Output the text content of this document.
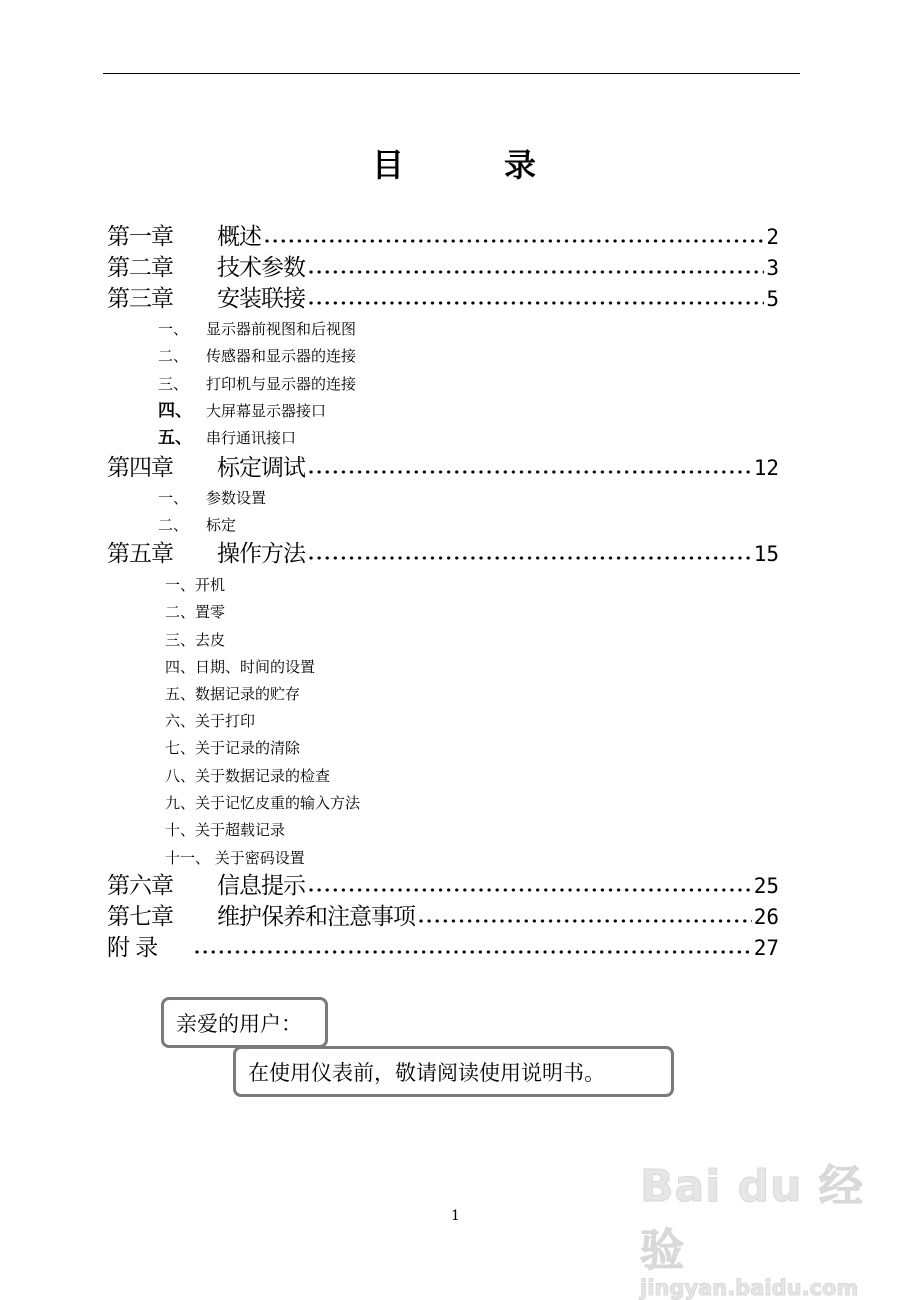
目	录
第一章	概述	2
第二章	技术参数	3
第三章	安装联接	5
一、 显示器前视图和后视图
二、 传感器和显示器的连接
三、 打印机与显示器的连接
四、 大屏幕显示器接口
五、 串行通讯接口
第四章	标定调试	12
一、 参数设置
二、 标定
第五章	操作方法	15
一、开机
二、置零
三、去皮
四、日期、时间的设置
五、数据记录的贮存
六、关于打印
七、关于记录的清除
八、关于数据记录的检查
九、关于记忆皮重的输入方法
十、关于超载记录
十一、 关于密码设置
第六章	信息提示	25
第七章	维护保养和注意事项	26
附 录	27
亲爱的用户：
在使用仪表前，敬请阅读使用说明书。
1
Bai du 经验
jingyan.baidu.com
